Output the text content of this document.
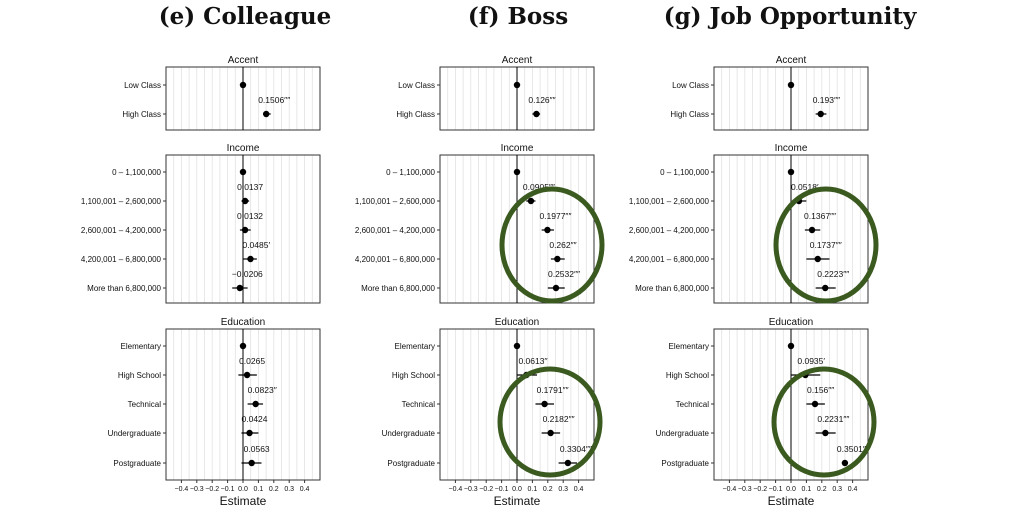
(e) Colleague
Accent
Low Class
High Class
0.1506″″
Income
0 – 1,100,000
1,100,001 – 2,600,000
0.0137
2,600,001 – 4,200,000
0.0132
4,200,001 – 6,800,000
0.0485′
More than 6,800,000
−0.0206
Education
Elementary
High School
0.0265
Technical
0.0823′′
Undergraduate
0.0424
Postgraduate
0.0563
−0.4 −0.3 −0.2 −0.1 0.0 0.1 0.2 0.3 0.4
Estimate
(f) Boss
Accent
Low Class
High Class
0.126″″
Income
0 – 1,100,000
1,100,001 – 2,600,000
0.0905″″
2,600,001 – 4,200,000
0.1977″″
4,200,001 – 6,800,000
0.262″″
More than 6,800,000
0.2532″″
Education
Elementary
High School
0.0613′′
Technical
0.1791″″
Undergraduate
0.2182″″
Postgraduate
0.3304″″
−0.4 −0.3 −0.2 −0.1 0.0 0.1 0.2 0.3 0.4
Estimate
(g) Job Opportunity
Accent
Low Class
High Class
0.193″″
Income
0 – 1,100,000
1,100,001 – 2,600,000
0.0518′
2,600,001 – 4,200,000
0.1367″″
4,200,001 – 6,800,000
0.1737″″
More than 6,800,000
0.2223″″
Education
Elementary
High School
0.0935′
Technical
0.156″″
Undergraduate
0.2231″″
Postgraduate
0.3501″″
−0.4 −0.3 −0.2 −0.1 0.0 0.1 0.2 0.3 0.4
Estimate
